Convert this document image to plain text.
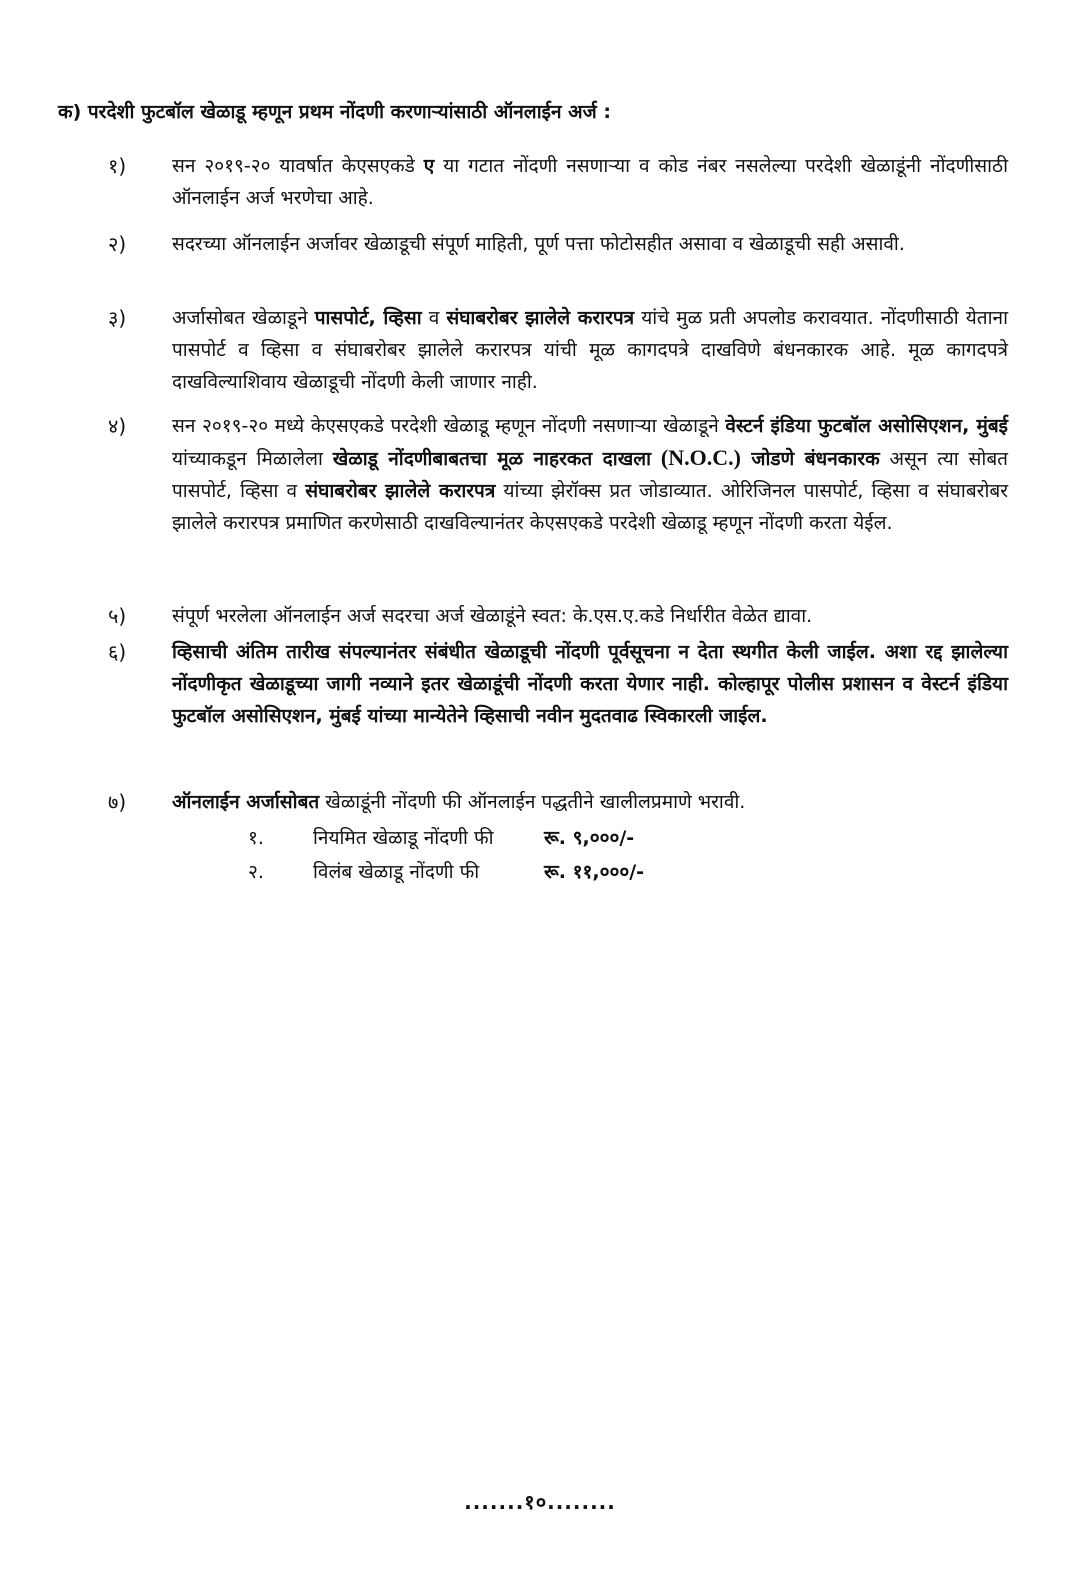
क) परदेशी फुटबॉल खेळाडू म्हणून प्रथम नोंदणी करणाऱ्यांसाठी ऑनलाईन अर्ज :
१) सन २०१९-२० यावर्षात केएसएकडे ए या गटात नोंदणी नसणाऱ्या व कोड नंबर नसलेल्या परदेशी खेळाडूंनी नोंदणीसाठी ऑनलाईन अर्ज भरणेचा आहे.
२) सदरच्या ऑनलाईन अर्जावर खेळाडूची संपूर्ण माहिती, पूर्ण पत्ता फोटोसहीत असावा व खेळाडूची सही असावी.
३) अर्जासोबत खेळाडूने पासपोर्ट, व्हिसा व संघाबरोबर झालेले करारपत्र यांचे मुळ प्रती अपलोड करावयात. नोंदणीसाठी येताना पासपोर्ट व व्हिसा व संघाबरोबर झालेले करारपत्र यांची मूळ कागदपत्रे दाखविणे बंधनकारक आहे. मूळ कागदपत्रे दाखविल्याशिवाय खेळाडूची नोंदणी केली जाणार नाही.
४) सन २०१९-२० मध्ये केएसएकडे परदेशी खेळाडू म्हणून नोंदणी नसणाऱ्या खेळाडूने वेस्टर्न इंडिया फुटबॉल असोसिएशन, मुंबई यांच्याकडून मिळालेला खेळाडू नोंदणीबाबतचा मूळ नाहरकत दाखला (N.O.C.) जोडणे बंधनकारक असून त्या सोबत पासपोर्ट, व्हिसा व संघाबरोबर झालेले करारपत्र यांच्या झेरॉक्स प्रत जोडाव्यात. ओरिजिनल पासपोर्ट, व्हिसा व संघाबरोबर झालेले करारपत्र प्रमाणित करणेसाठी दाखविल्यानंतर केएसएकडे परदेशी खेळाडू म्हणून नोंदणी करता येईल.
५) संपूर्ण भरलेला ऑनलाईन अर्ज सदरचा अर्ज खेळाडूंने स्वत: के.एस.ए.कडे निर्धारीत वेळेत द्यावा.
६) व्हिसाची अंतिम तारीख संपल्यानंतर संबंधीत खेळाडूची नोंदणी पूर्वसूचना न देता स्थगीत केली जाईल. अशा रद्द झालेल्या नोंदणीकृत खेळाडूच्या जागी नव्याने इतर खेळाडूंची नोंदणी करता येणार नाही. कोल्हापूर पोलीस प्रशासन व वेस्टर्न इंडिया फुटबॉल असोसिएशन, मुंबई यांच्या मान्येतेने व्हिसाची नवीन मुदतवाढ स्विकारली जाईल.
७) ऑनलाईन अर्जासोबत खेळाडूंनी नोंदणी फी ऑनलाईन पद्धतीने खालीलप्रमाणे भरावी.
१.	नियमित खेळाडू नोंदणी फी	रू. ९,०००/-
२.	विलंब खेळाडू नोंदणी फी	रू. ११,०००/-
.......१०........
